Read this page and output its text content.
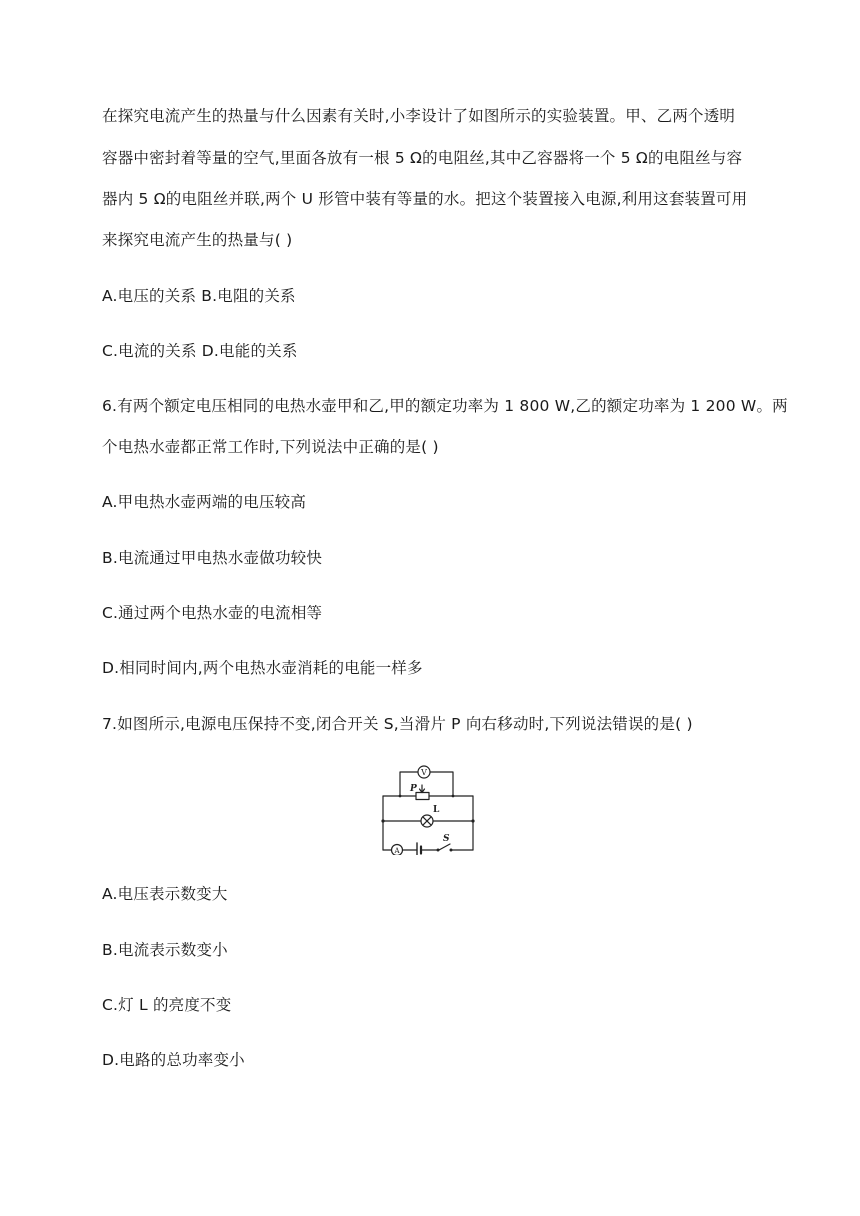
在探究电流产生的热量与什么因素有关时,小李设计了如图所示的实验装置。甲、乙两个透明
容器中密封着等量的空气,里面各放有一根 5 Ω的电阻丝,其中乙容器将一个 5 Ω的电阻丝与容
器内 5 Ω的电阻丝并联,两个 U 形管中装有等量的水。把这个装置接入电源,利用这套装置可用
来探究电流产生的热量与( )
A.电压的关系 B.电阻的关系
C.电流的关系 D.电能的关系
6.有两个额定电压相同的电热水壶甲和乙,甲的额定功率为 1 800 W,乙的额定功率为 1 200 W。两
个电热水壶都正常工作时,下列说法中正确的是( )
A.甲电热水壶两端的电压较高
B.电流通过甲电热水壶做功较快
C.通过两个电热水壶的电流相等
D.相同时间内,两个电热水壶消耗的电能一样多
7.如图所示,电源电压保持不变,闭合开关 S,当滑片 P 向右移动时,下列说法错误的是( )
V
P
L
A
S
A.电压表示数变大
B.电流表示数变小
C.灯 L 的亮度不变
D.电路的总功率变小
